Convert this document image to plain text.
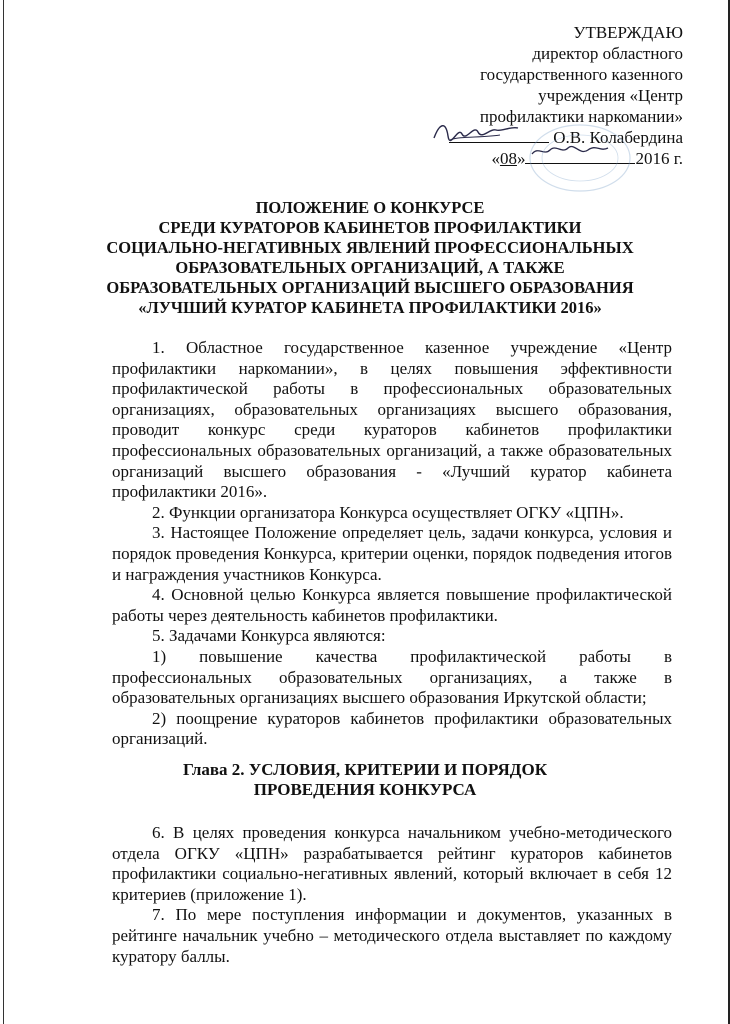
УТВЕРЖДАЮ
директор областного
государственного казенного
учреждения «Центр
профилактики наркомании»
О.В. Колабердина
«08»	2016 г.
ПОЛОЖЕНИЕ О КОНКУРСЕ
СРЕДИ КУРАТОРОВ КАБИНЕТОВ ПРОФИЛАКТИКИ
СОЦИАЛЬНО-НЕГАТИВНЫХ ЯВЛЕНИЙ ПРОФЕССИОНАЛЬНЫХ
ОБРАЗОВАТЕЛЬНЫХ ОРГАНИЗАЦИЙ, А ТАКЖЕ
ОБРАЗОВАТЕЛЬНЫХ ОРГАНИЗАЦИЙ ВЫСШЕГО ОБРАЗОВАНИЯ
«ЛУЧШИЙ КУРАТОР КАБИНЕТА ПРОФИЛАКТИКИ 2016»

1. Областное государственное казенное учреждение «Центр профилактики наркомании», в целях повышения эффективности профилактической работы в профессиональных образовательных организациях, образовательных организациях высшего образования, проводит конкурс среди кураторов кабинетов профилактики профессиональных образовательных организаций, а также образовательных организаций высшего образования - «Лучший куратор кабинета профилактики 2016».

2. Функции организатора Конкурса осуществляет ОГКУ «ЦПН».

3. Настоящее Положение определяет цель, задачи конкурса, условия и порядок проведения Конкурса, критерии оценки, порядок подведения итогов и награждения участников Конкурса.

4. Основной целью Конкурса является повышение профилактической работы через деятельность кабинетов профилактики.

5. Задачами Конкурса являются:

1) повышение качества профилактической работы в профессиональных образовательных организациях, а также в образовательных организациях высшего образования Иркутской области;

2) поощрение кураторов кабинетов профилактики образовательных организаций.

Глава 2. УСЛОВИЯ, КРИТЕРИИ И ПОРЯДОК
ПРОВЕДЕНИЯ КОНКУРСА

6. В целях проведения конкурса начальником учебно-методического отдела ОГКУ «ЦПН» разрабатывается рейтинг кураторов кабинетов профилактики социально-негативных явлений, который включает в себя 12 критериев (приложение 1).

7. По мере поступления информации и документов, указанных в рейтинге начальник учебно – методического отдела выставляет по каждому куратору баллы.
